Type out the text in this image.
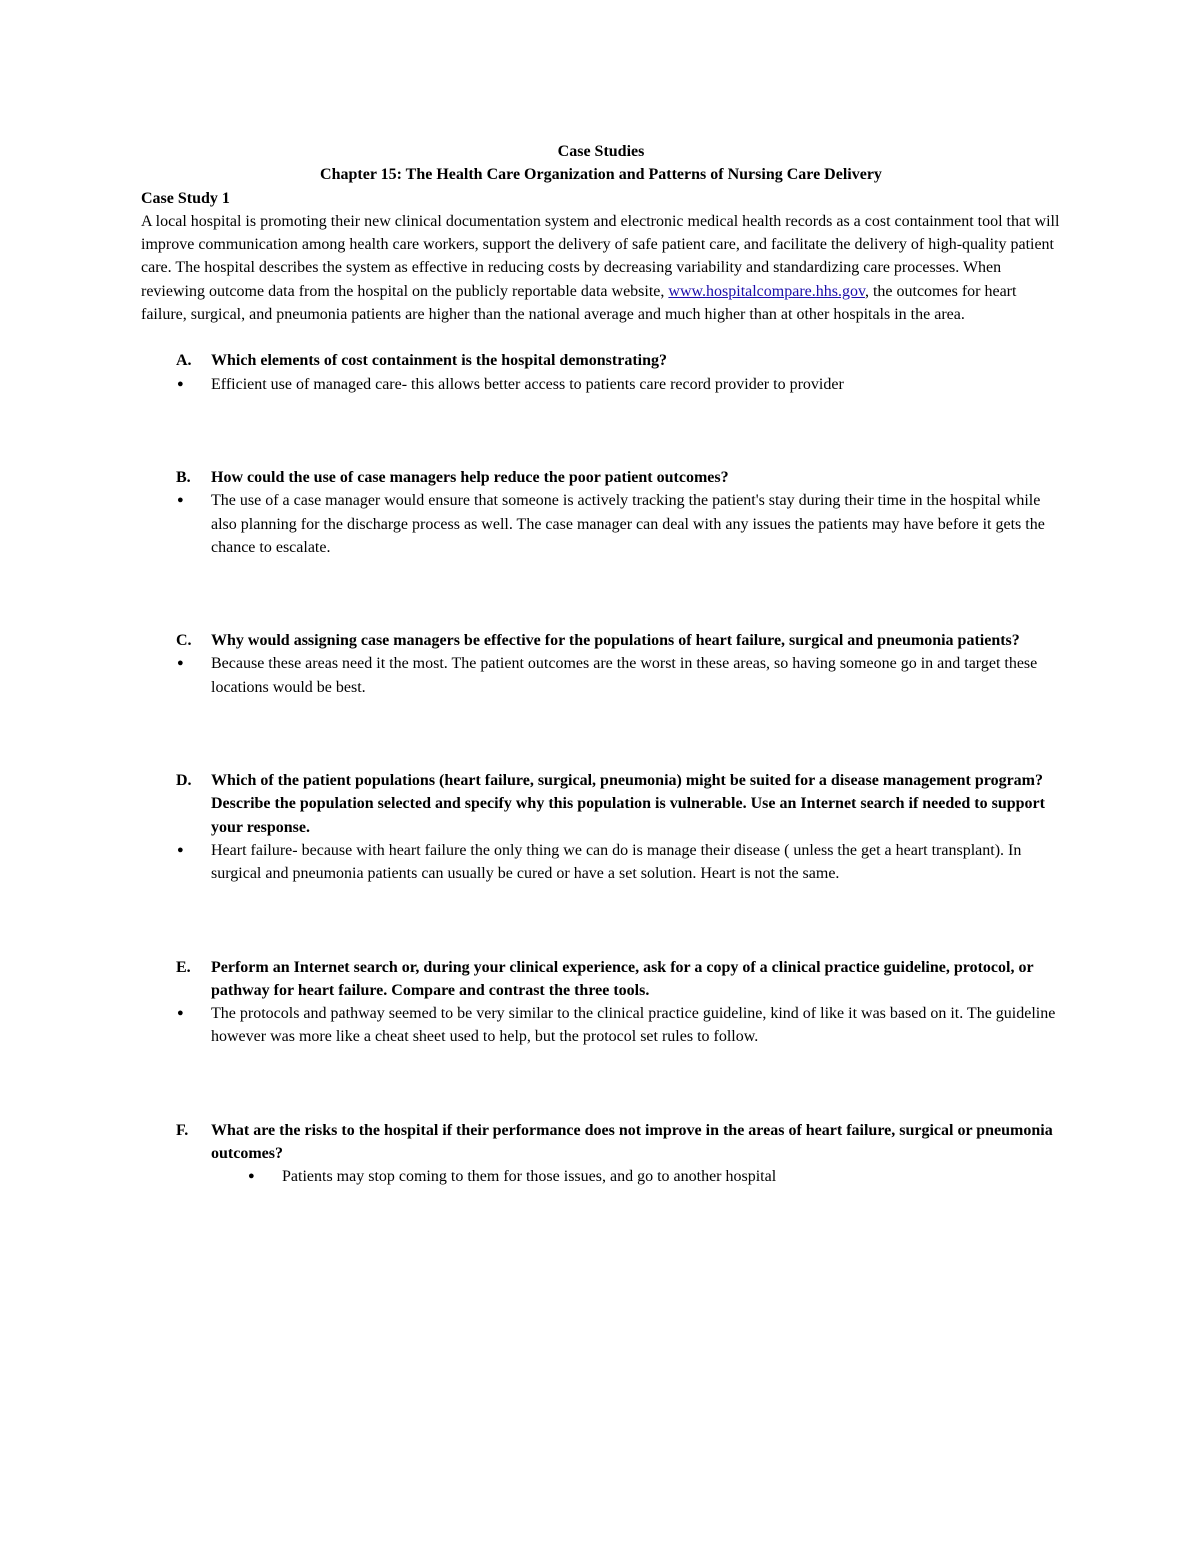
Case Studies

Chapter 15: The Health Care Organization and Patterns of Nursing Care Delivery

Case Study 1

A local hospital is promoting their new clinical documentation system and electronic medical health records as a cost containment tool that will improve communication among health care workers, support the delivery of safe patient care, and facilitate the delivery of high-quality patient care. The hospital describes the system as effective in reducing costs by decreasing variability and standardizing care processes. When reviewing outcome data from the hospital on the publicly reportable data website, www.hospitalcompare.hhs.gov, the outcomes for heart failure, surgical, and pneumonia patients are higher than the national average and much higher than at other hospitals in the area.

A. Which elements of cost containment is the hospital demonstrating?

● Efficient use of managed care- this allows better access to patients care record provider to provider

B. How could the use of case managers help reduce the poor patient outcomes?

● The use of a case manager would ensure that someone is actively tracking the patient's stay during their time in the hospital while also planning for the discharge process as well. The case manager can deal with any issues the patients may have before it gets the chance to escalate.

C. Why would assigning case managers be effective for the populations of heart failure, surgical and pneumonia patients?

● Because these areas need it the most. The patient outcomes are the worst in these areas, so having someone go in and target these locations would be best.

D. Which of the patient populations (heart failure, surgical, pneumonia) might be suited for a disease management program? Describe the population selected and specify why this population is vulnerable. Use an Internet search if needed to support your response.

● Heart failure- because with heart failure the only thing we can do is manage their disease ( unless the get a heart transplant). In surgical and pneumonia patients can usually be cured or have a set solution. Heart is not the same.

E. Perform an Internet search or, during your clinical experience, ask for a copy of a clinical practice guideline, protocol, or pathway for heart failure. Compare and contrast the three tools.

● The protocols and pathway seemed to be very similar to the clinical practice guideline, kind of like it was based on it. The guideline however was more like a cheat sheet used to help, but the protocol set rules to follow.

F. What are the risks to the hospital if their performance does not improve in the areas of heart failure, surgical or pneumonia outcomes?

● Patients may stop coming to them for those issues, and go to another hospital
